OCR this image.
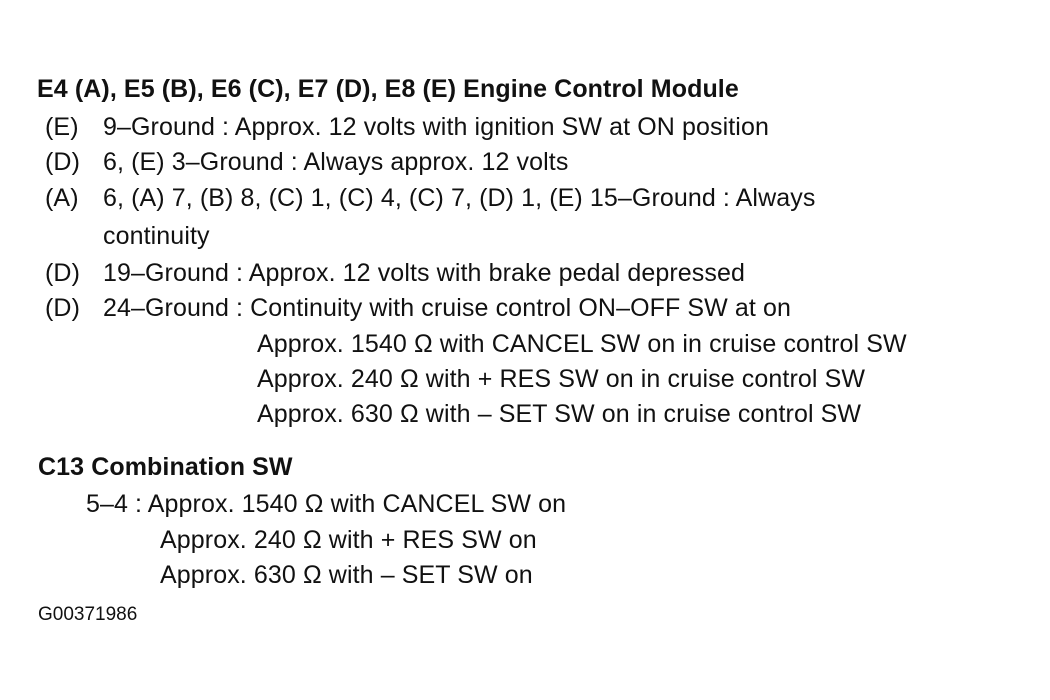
E4 (A), E5 (B), E6 (C), E7 (D), E8 (E) Engine Control Module
(E) 9–Ground : Approx. 12 volts with ignition SW at ON position
(D) 6, (E) 3–Ground : Always approx. 12 volts
(A) 6, (A) 7, (B) 8, (C) 1, (C) 4, (C) 7, (D) 1, (E) 15–Ground : Always
continuity
(D) 19–Ground : Approx. 12 volts with brake pedal depressed
(D) 24–Ground : Continuity with cruise control ON–OFF SW at on
Approx. 1540 Ω with CANCEL SW on in cruise control SW
Approx. 240 Ω with + RES SW on in cruise control SW
Approx. 630 Ω with – SET SW on in cruise control SW
C13 Combination SW
5–4 : Approx. 1540 Ω with CANCEL SW on
Approx. 240 Ω with + RES SW on
Approx. 630 Ω with – SET SW on
G00371986
